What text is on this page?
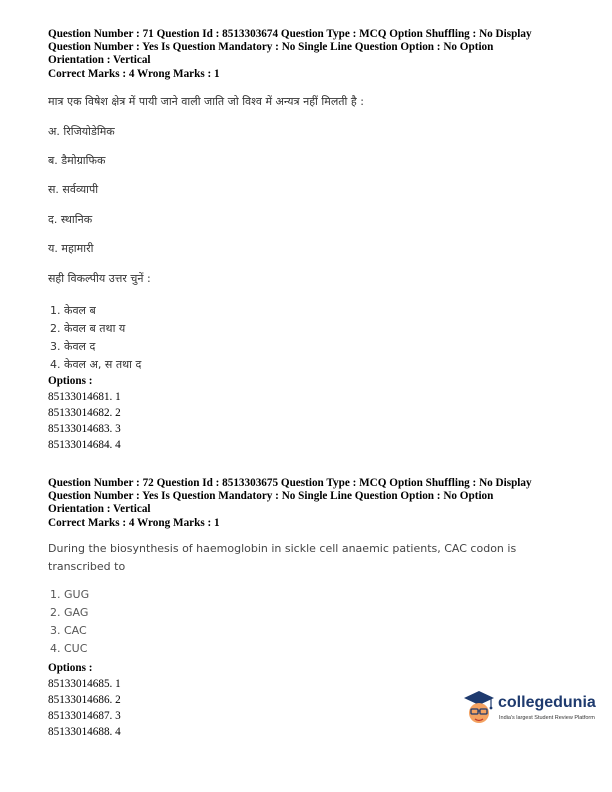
Question Number : 71 Question Id : 8513303674 Question Type : MCQ Option Shuffling : No Display
Question Number : Yes Is Question Mandatory : No Single Line Question Option : No Option
Orientation : Vertical
Correct Marks : 4 Wrong Marks : 1
मात्र एक विषेश क्षेत्र में पायी जाने वाली जाति जो विश्व में अन्यत्र नहीं मिलती है :
अ. रिजियोडेमिक
ब. डैमोग्राफिक
स. सर्वव्यापी
द. स्थानिक
य. महामारी
सही विकल्पीय उत्तर चुनें :
1. केवल ब
2. केवल ब तथा य
3. केवल द
4. केवल अ, स तथा द
Options :
85133014681. 1
85133014682. 2
85133014683. 3
85133014684. 4
Question Number : 72 Question Id : 8513303675 Question Type : MCQ Option Shuffling : No Display
Question Number : Yes Is Question Mandatory : No Single Line Question Option : No Option
Orientation : Vertical
Correct Marks : 4 Wrong Marks : 1
During the biosynthesis of haemoglobin in sickle cell anaemic patients, CAC codon is transcribed to
1. GUG
2. GAG
3. CAC
4. CUC
Options :
85133014685. 1
85133014686. 2
85133014687. 3
85133014688. 4
collegedunia
India's largest Student Review Platform
